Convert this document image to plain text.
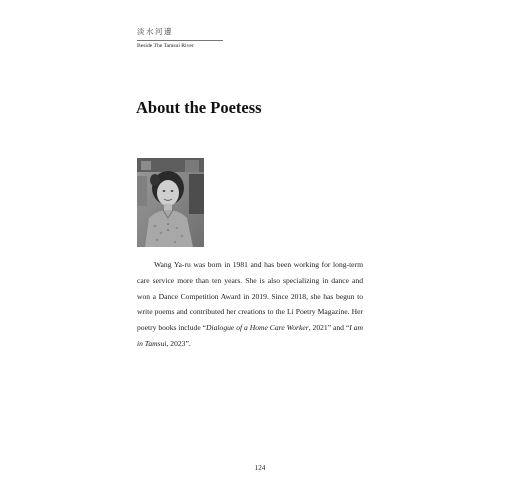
淡水河邊
Beside The Tamsui River
About the Poetess

Wang Ya-ru was born in 1981 and has been working for long-term care service more than ten years. She is also specializing in dance and won a Dance Competition Award in 2019. Since 2018, she has begun to write poems and contributed her creations to the Li Poetry Magazine. Her poetry books include “Dialogue of a Home Care Worker, 2021” and “I am in Tamsui, 2023”.

124
